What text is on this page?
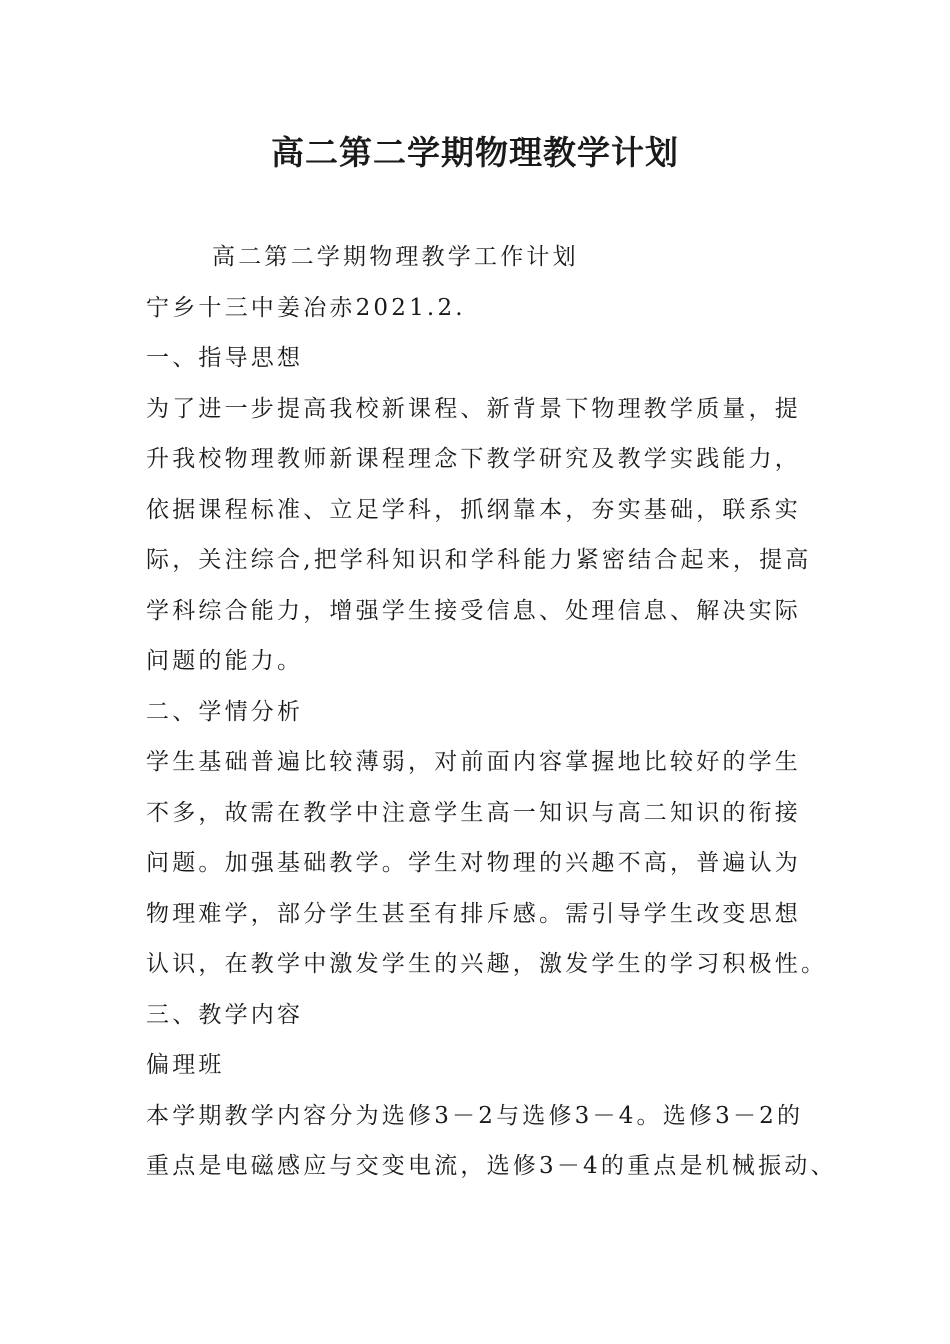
高二第二学期物理教学计划
高二第二学期物理教学工作计划
宁乡十三中姜冶赤2021.2.
一、指导思想
为了进一步提高我校新课程、新背景下物理教学质量，提
升我校物理教师新课程理念下教学研究及教学实践能力，
依据课程标准、立足学科，抓纲靠本，夯实基础，联系实
际，关注综合,把学科知识和学科能力紧密结合起来，提高
学科综合能力，增强学生接受信息、处理信息、解决实际
问题的能力。
二、学情分析
学生基础普遍比较薄弱，对前面内容掌握地比较好的学生
不多，故需在教学中注意学生高一知识与高二知识的衔接
问题。加强基础教学。学生对物理的兴趣不高，普遍认为
物理难学，部分学生甚至有排斥感。需引导学生改变思想
认识，在教学中激发学生的兴趣，激发学生的学习积极性。
三、教学内容
偏理班
本学期教学内容分为选修3－2与选修3－4。选修3－2的
重点是电磁感应与交变电流，选修3－4的重点是机械振动、
